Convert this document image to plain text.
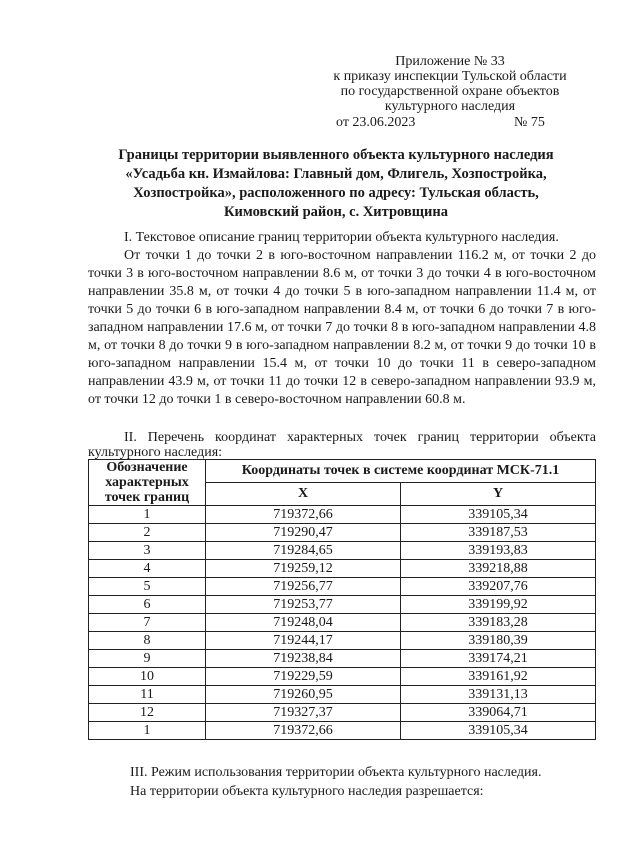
Приложение № 33
к приказу инспекции Тульской области
по государственной охране объектов
культурного наследия
от 23.06.2023	№ 75
Границы территории выявленного объекта культурного наследия «Усадьба кн. Измайлова: Главный дом, Флигель, Хозпостройка, Хозпостройка», расположенного по адресу: Тульская область, Кимовский район, с. Хитровщина

I. Текстовое описание границ территории объекта культурного наследия.

От точки 1 до точки 2 в юго-восточном направлении 116.2 м, от точки 2 до точки 3 в юго-восточном направлении 8.6 м, от точки 3 до точки 4 в юго-восточном направлении 35.8 м, от точки 4 до точки 5 в юго-западном направлении 11.4 м, от точки 5 до точки 6 в юго-западном направлении 8.4 м, от точки 6 до точки 7 в юго-западном направлении 17.6 м, от точки 7 до точки 8 в юго-западном направлении 4.8 м, от точки 8 до точки 9 в юго-западном направлении 8.2 м, от точки 9 до точки 10 в юго-западном направлении 15.4 м, от точки 10 до точки 11 в северо-западном направлении 43.9 м, от точки 11 до точки 12 в северо-западном направлении 93.9 м, от точки 12 до точки 1 в северо-восточном направлении 60.8 м.

II. Перечень координат характерных точек границ территории объекта культурного наследия:
Обозначение характерных точек границ	Координаты точек в системе координат МСК-71.1	
	X	Y
1	719372,66	339105,34
2	719290,47	339187,53
3	719284,65	339193,83
4	719259,12	339218,88
5	719256,77	339207,76
6	719253,77	339199,92
7	719248,04	339183,28
8	719244,17	339180,39
9	719238,84	339174,21
10	719229,59	339161,92
11	719260,95	339131,13
12	719327,37	339064,71
1	719372,66	339105,34

III. Режим использования территории объекта культурного наследия.

На территории объекта культурного наследия разрешается:
